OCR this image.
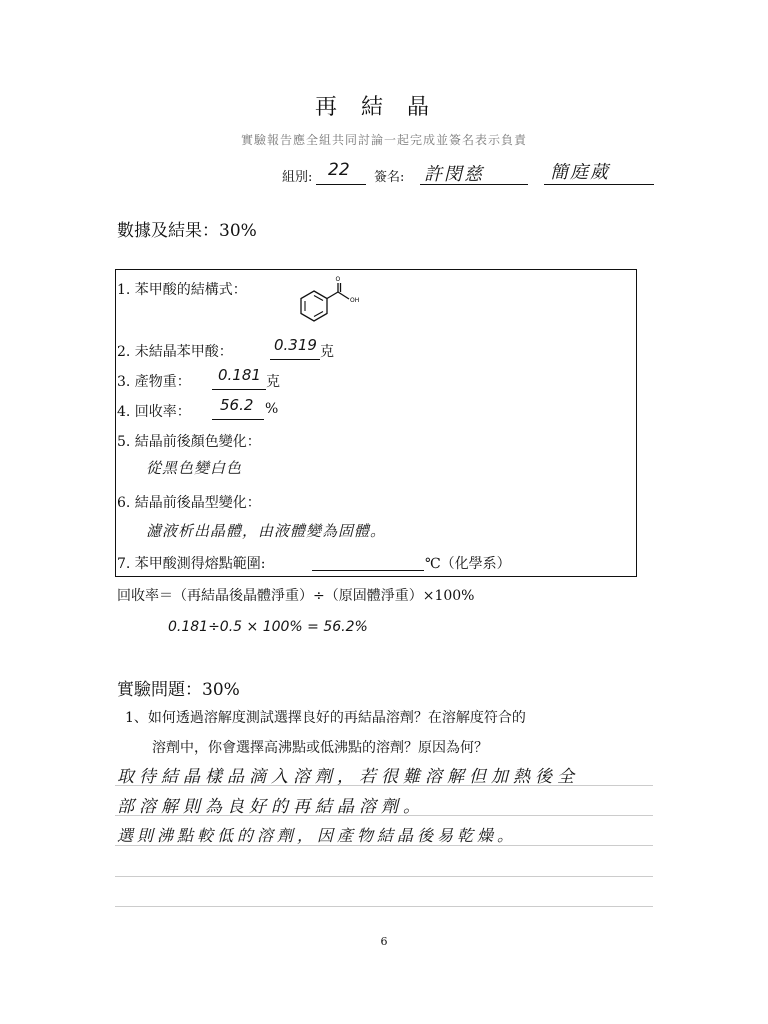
再結晶
實驗報告應全組共同討論一起完成並簽名表示負責
組別: 22 簽名: 許閔慈	簡庭葳
數據及結果：30%
1. 苯甲酸的結構式：
O
OH
2. 未結晶苯甲酸：	0.319 克
3. 產物重： 0.181 克
4. 回收率： 56.2 %
5. 結晶前後顏色變化：
從黑色變白色
6. 結晶前後晶型變化：
濾液析出晶體，由液體變為固體。
7. 苯甲酸測得熔點範圍:	℃（化學系）
回收率＝（再結晶後晶體淨重）÷（原固體淨重）×100%
0.181÷0.5 × 100% = 56.2%
實驗問題：30%
1、如何透過溶解度測試選擇良好的再結晶溶劑？在溶解度符合的
溶劑中，你會選擇高沸點或低沸點的溶劑？原因為何？
取待結晶樣品滴入溶劑，若很難溶解但加熱後全
部溶解則為良好的再結晶溶劑。
選則沸點較低的溶劑，因產物結晶後易乾燥。
6
